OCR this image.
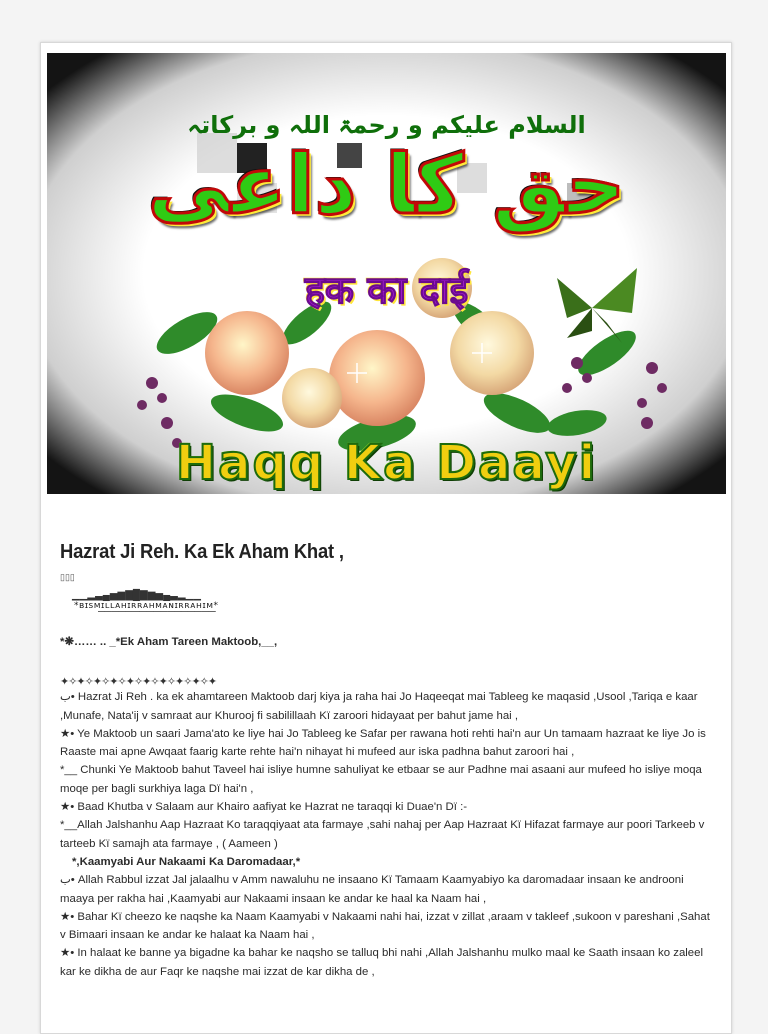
السلام علیکم و رحمۃ اللہ و برکاتہ
حق کا داعی
हक का दाई
Haqq Ka Daayi
Hazrat Ji Reh. Ka Ek Aham Khat ,
▯▯▯
▁▁▂▃▄▅▆▇█▇▆▅▄▃▂▁▁
*ʙɪsᴍɪʟʟᴀʜɪʀʀᴀʜᴍᴀɴɪʀʀᴀʜɪᴍ*
▔▔▔▔▔▔▔▔▔▔▔▔▔▔▔▔▔

*❋…… .. _*Ek Aham Tareen Maktoob,__,

✦✧✦✧✦✧✦✧✦✧✦✧✦✧✦✧✦✧✦

ب• Hazrat Ji Reh . ka ek ahamtareen Maktoob darj kiya ja raha hai Jo Haqeeqat mai Tableeg ke maqasid ,Usool ,Tariqa e kaar ,Munafe, Nata'ij v samraat aur Khurooj fi sabilillaah Kï zaroori hidayaat per bahut jame hai ,

★• Ye Maktoob un saari Jama'ato ke liye hai Jo Tableeg ke Safar per rawana hoti rehti hai'n aur Un tamaam hazraat ke liye Jo is Raaste mai apne Awqaat faarig karte rehte hai'n nihayat hi mufeed aur iska padhna bahut zaroori hai ,

*__ Chunki Ye Maktoob bahut Taveel hai isliye humne sahuliyat ke etbaar se aur Padhne mai asaani aur mufeed ho isliye moqa moqe per bagli surkhiya laga Dï hai'n ,

★• Baad Khutba v Salaam aur Khairo aafiyat ke Hazrat ne taraqqi ki Duae'n Dï :-

*__Allah Jalshanhu Aap Hazraat Ko taraqqiyaat ata farmaye ,sahi nahaj per Aap Hazraat Kï Hifazat farmaye aur poori Tarkeeb v tarteeb Kï samajh ata farmaye , ( Aameen )

*,Kaamyabi Aur Nakaami Ka Daromadaar,*

ب• Allah Rabbul izzat Jal jalaalhu v Amm nawaluhu ne insaano Kï Tamaam Kaamyabiyo ka daromadaar insaan ke androoni maaya per rakha hai ,Kaamyabi aur Nakaami insaan ke andar ke haal ka Naam hai ,

★• Bahar Kï cheezo ke naqshe ka Naam Kaamyabi v Nakaami nahi hai, izzat v zillat ,araam v takleef ,sukoon v pareshani ,Sahat v Bimaari insaan ke andar ke halaat ka Naam hai ,

★• In halaat ke banne ya bigadne ka bahar ke naqsho se talluq bhi nahi ,Allah Jalshanhu mulko maal ke Saath insaan ko zaleel kar ke dikha de aur Faqr ke naqshe mai izzat de kar dikha de ,
